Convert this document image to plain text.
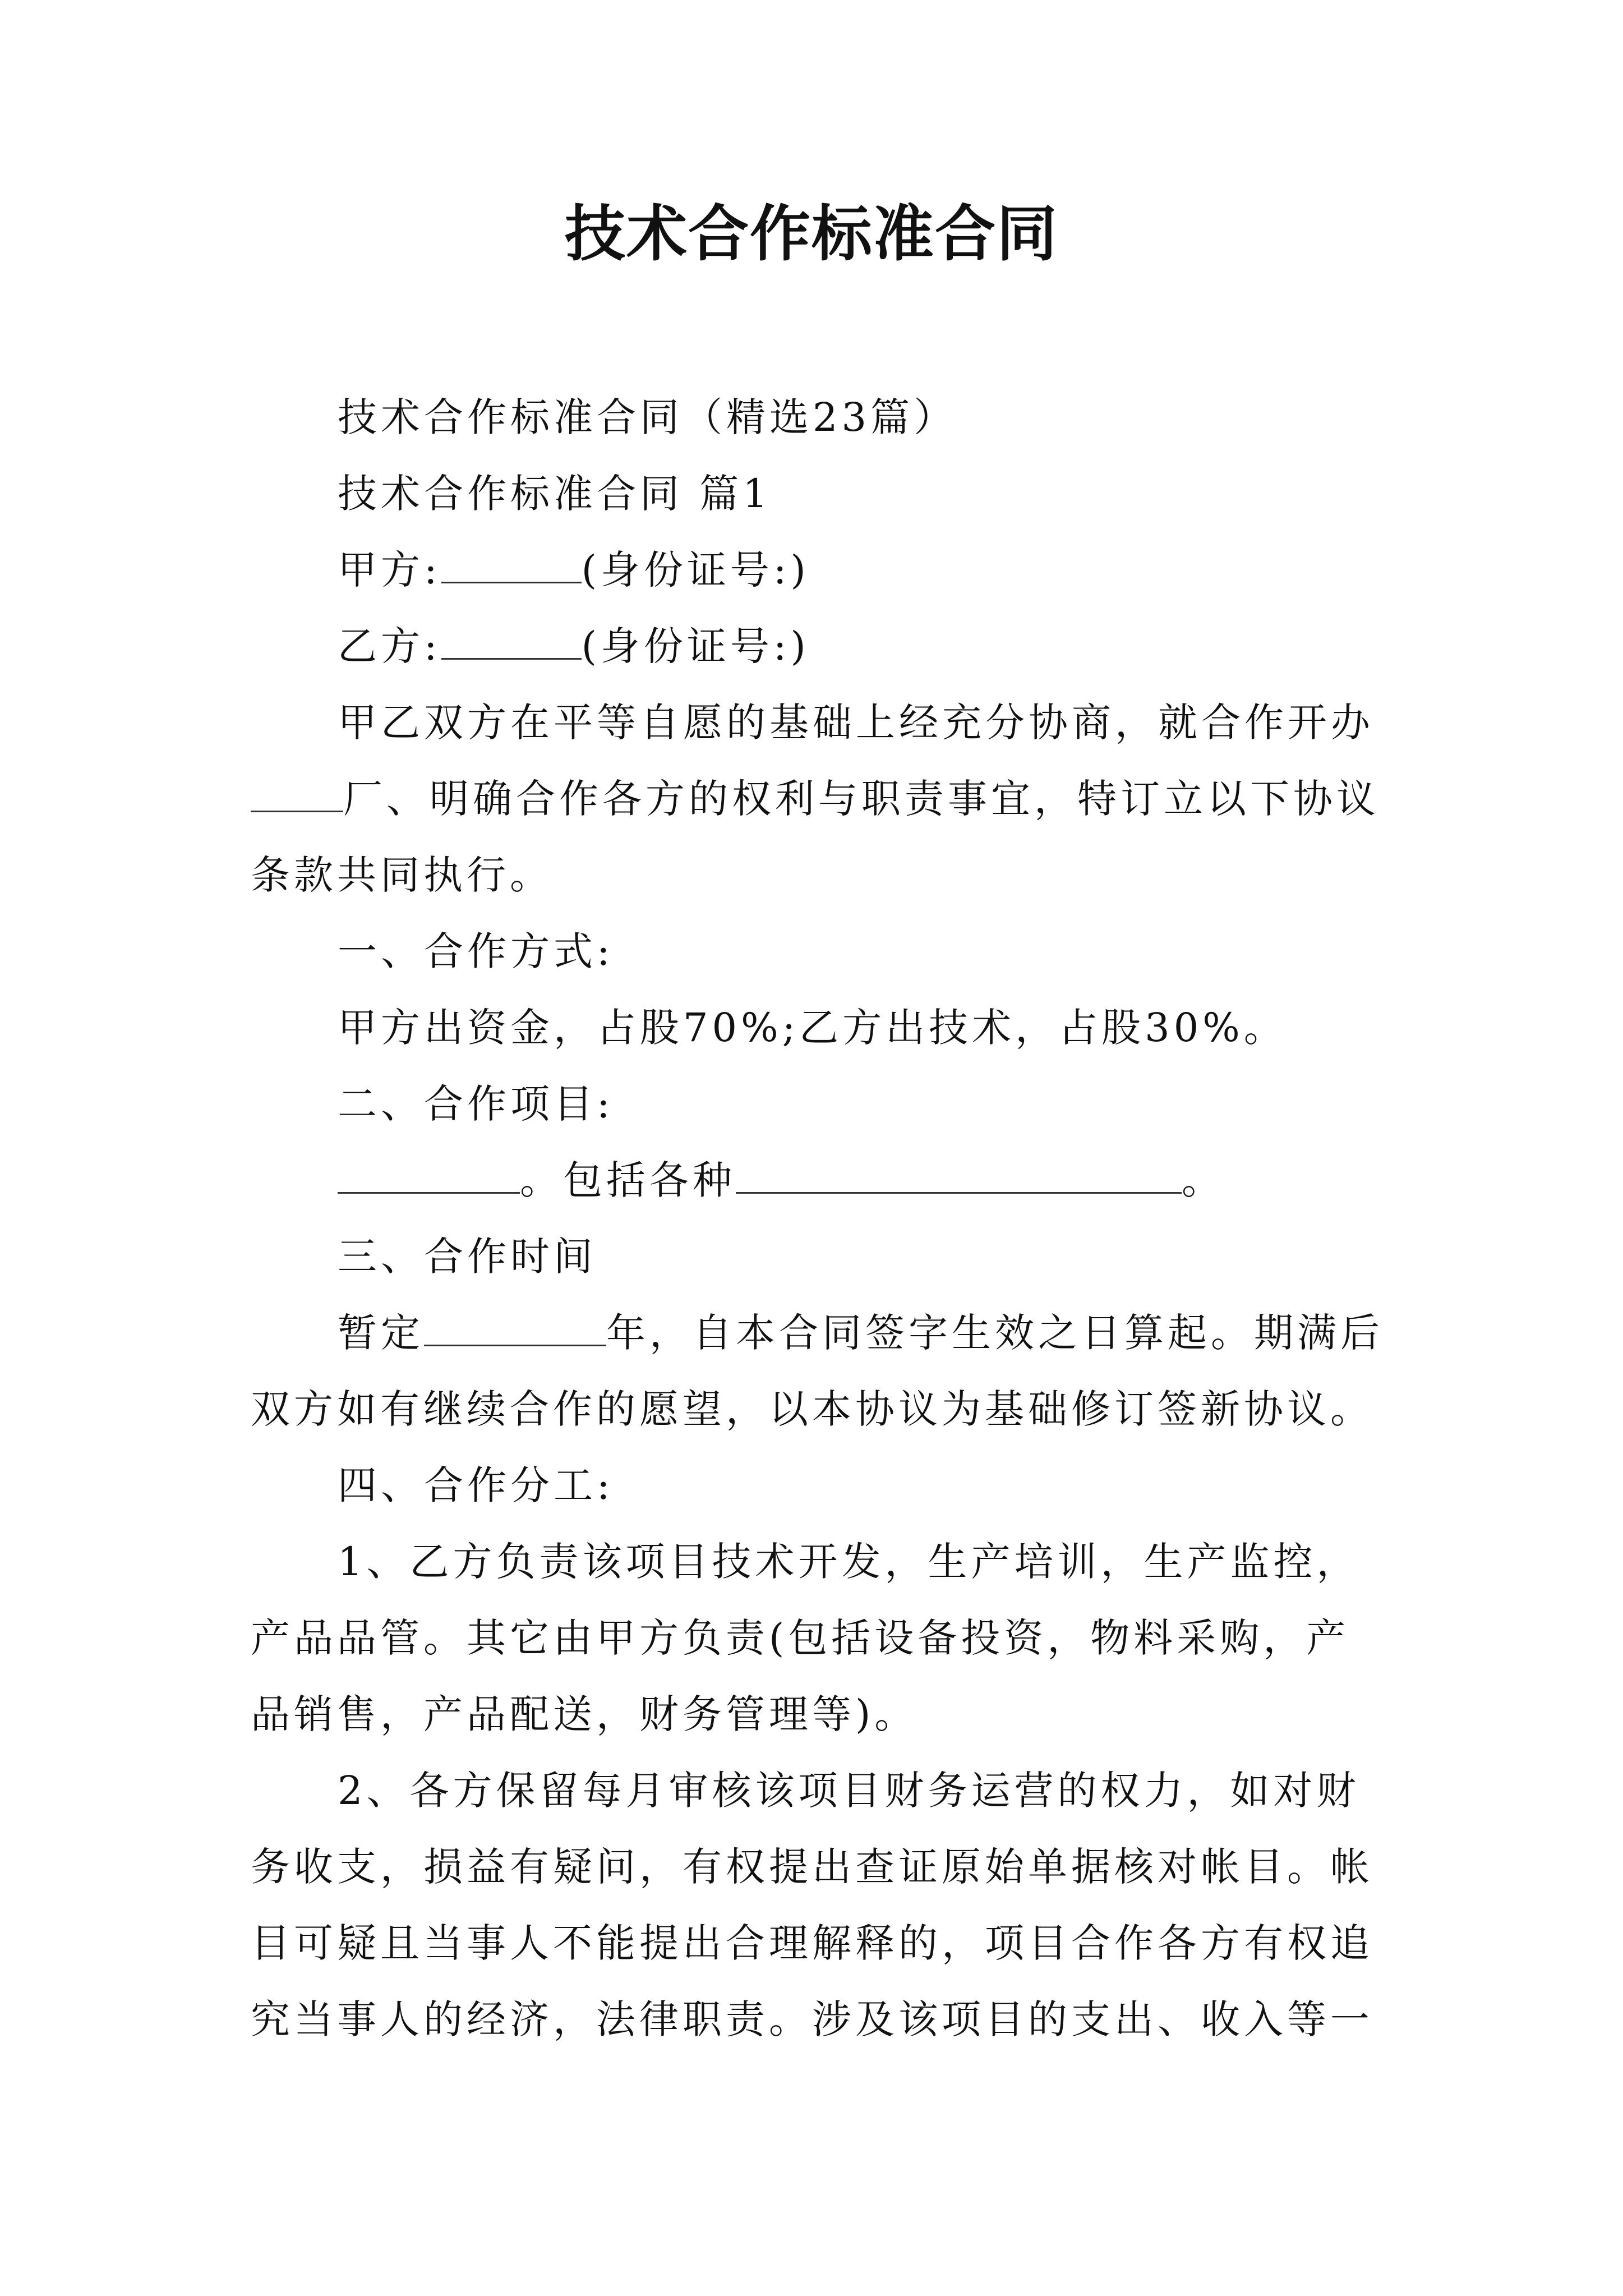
技术合作标准合同
技术合作标准合同（精选23篇）
技术合作标准合同 篇1
甲方:	(身份证号:)
乙方:	(身份证号:)
甲乙双方在平等自愿的基础上经充分协商，就合作开办
厂、明确合作各方的权利与职责事宜，特订立以下协议
条款共同执行。
一、合作方式:
甲方出资金，占股70%;乙方出技术，占股30%。
二、合作项目:
。包括各种	。
三、合作时间
暂定	年，自本合同签字生效之日算起。期满后
双方如有继续合作的愿望，以本协议为基础修订签新协议。
四、合作分工:
1、乙方负责该项目技术开发，生产培训，生产监控，
产品品管。其它由甲方负责(包括设备投资，物料采购，产
品销售，产品配送，财务管理等)。
2、各方保留每月审核该项目财务运营的权力，如对财
务收支，损益有疑问，有权提出查证原始单据核对帐目。帐
目可疑且当事人不能提出合理解释的，项目合作各方有权追
究当事人的经济，法律职责。涉及该项目的支出、收入等一
